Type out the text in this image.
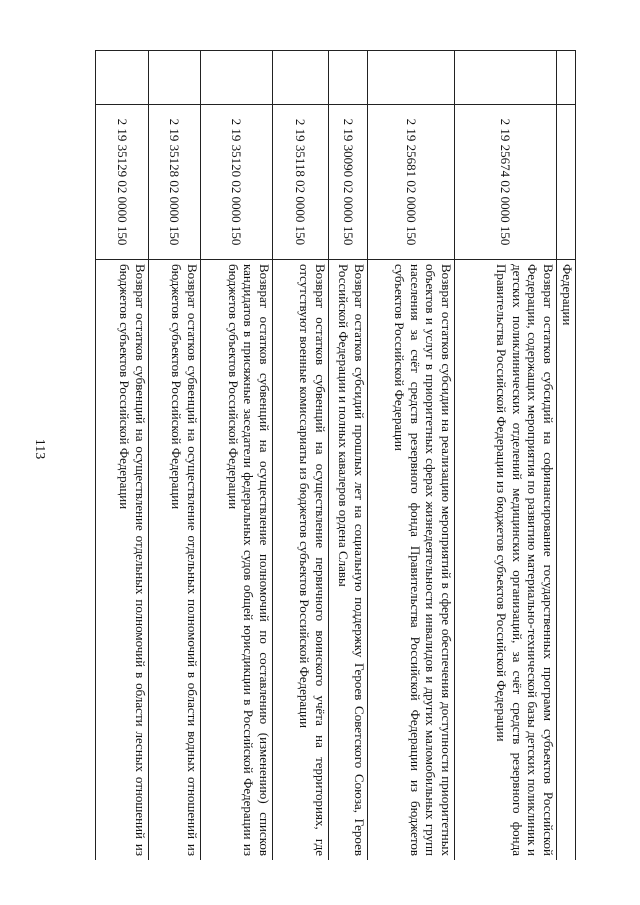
113
		Федерации
	2 19 25674 02 0000 150	Возврат остатков субсидий на софинансирование государственных программ субъектов Российской Федерации, содержащих мероприятия по развитию материально-технической базы детских поликлиник и детских поликлинических отделений медицинских организаций, за счёт средств резервного фонда Правительства Российской Федерации из бюджетов субъектов Российской Федерации
	2 19 25681 02 0000 150	Возврат остатков субсидии на реализацию мероприятий в сфере обеспечения доступности приоритетных объектов и услуг в приоритетных сферах жизнедеятельности инвалидов и других маломобильных групп населения за счёт средств резервного фонда Правительства Российской Федерации из бюджетов субъектов Российской Федерации
	2 19 30090 02 0000 150	Возврат остатков субсидий прошлых лет на социальную поддержку Героев Советского Союза, Героев Российской Федерации и полных кавалеров ордена Славы
	2 19 35118 02 0000 150	Возврат остатков субвенций на осуществление первичного воинского учёта на территориях, где отсутствуют военные комиссариаты из бюджетов субъектов Российской Федерации
	2 19 35120 02 0000 150	Возврат остатков субвенций на осуществление полномочий по составлению (изменению) списков кандидатов в присяжные заседатели федеральных судов общей юрисдикции в Российской Федерации из бюджетов субъектов Российской Федерации
	2 19 35128 02 0000 150	Возврат остатков субвенций на осуществление отдельных полномочий в области водных отношений из бюджетов субъектов Российской Федерации
	2 19 35129 02 0000 150	Возврат остатков субвенций на осуществление отдельных полномочий в области лесных отношений из бюджетов субъектов Российской Федерации
